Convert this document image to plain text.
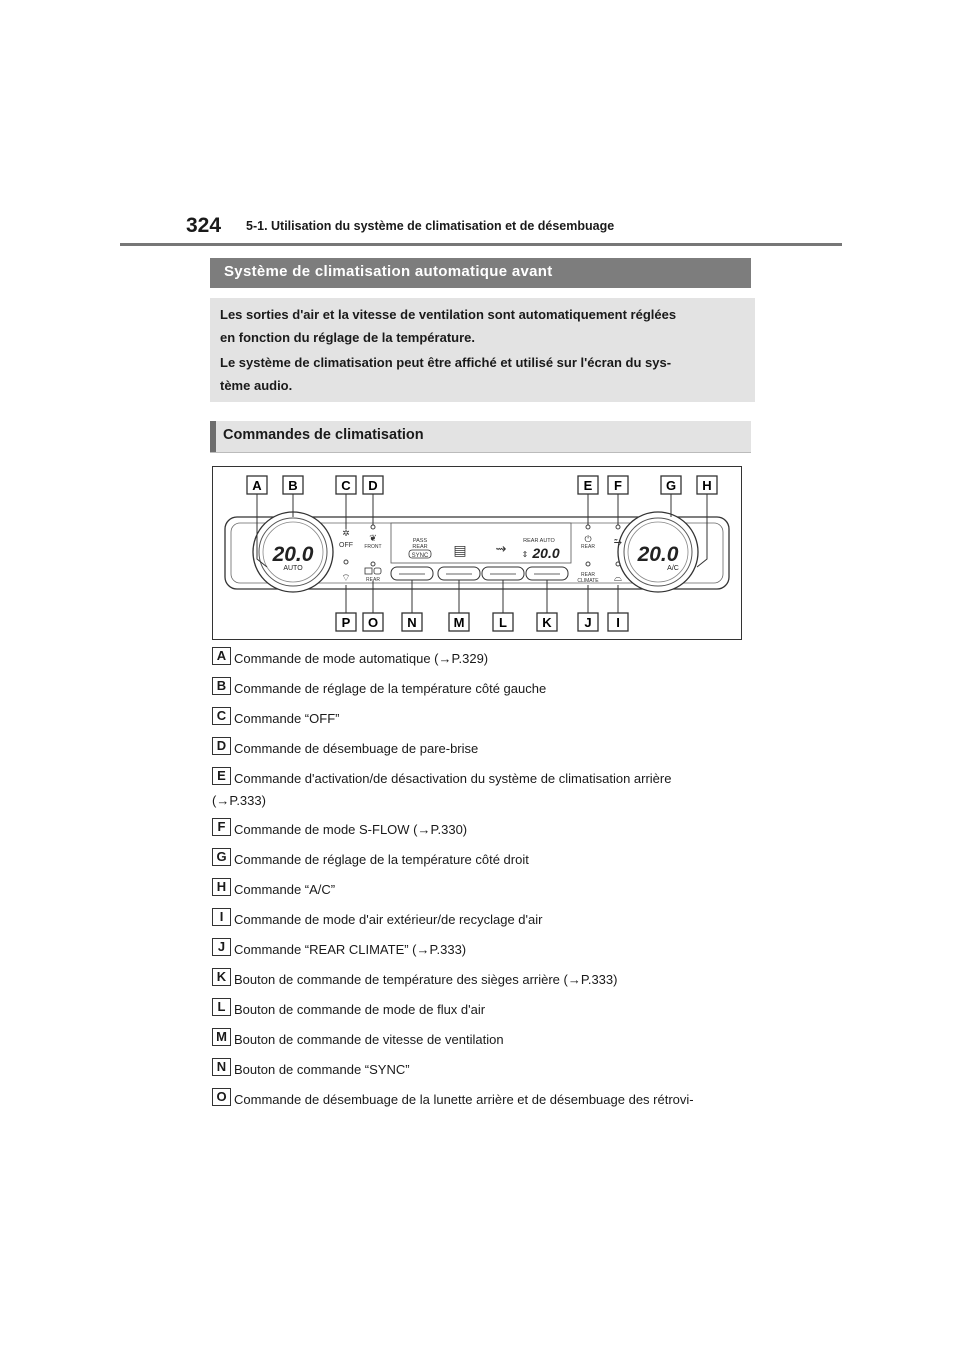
324 5-1. Utilisation du système de climatisation et de désembuage
Système de climatisation automatique avant

Les sorties d'air et la vitesse de ventilation sont automatiquement réglées

en fonction du réglage de la température.

Le système de climatisation peut être affiché et utilisé sur l'écran du sys-

tème audio.

Commandes de climatisation
20.0
AUTO
20.0
A/C
✲
OFF
⌔
❦
FRONT
REAR
PASS
REAR
SYNC ▤ ⇝	REAR AUTO
⇕ 20.0
⏻
REAR
REAR
CLIMATE
⥲
⌓
A B	C D	E F	G H
P O N	M	L	K	J I
A Commande de mode automatique (→P.329)
B Commande de réglage de la température côté gauche
C Commande “OFF”
D Commande de désembuage de pare-brise
E Commande d'activation/de désactivation du système de climatisation arrière
(→P.333)
F Commande de mode S-FLOW (→P.330)
G Commande de réglage de la température côté droit
H Commande “A/C”
I Commande de mode d'air extérieur/de recyclage d'air
J Commande “REAR CLIMATE” (→P.333)
K Bouton de commande de température des sièges arrière (→P.333)
L Bouton de commande de mode de flux d'air
M Bouton de commande de vitesse de ventilation
N Bouton de commande “SYNC”
O Commande de désembuage de la lunette arrière et de désembuage des rétrovi-
